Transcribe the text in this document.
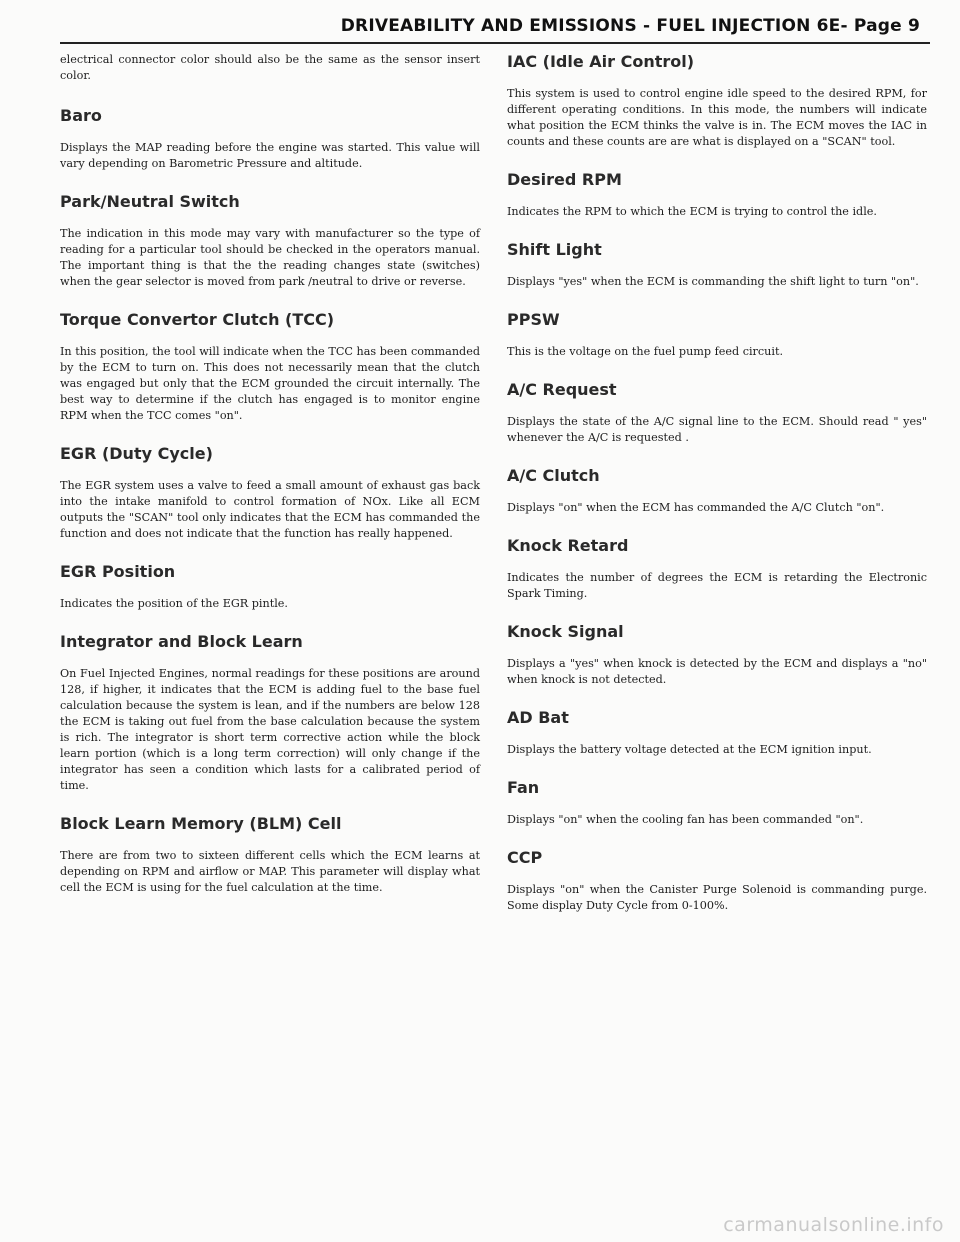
DRIVEABILITY AND EMISSIONS - FUEL INJECTION 6E- Page 9

electrical connector color should also be the same as the sensor insert color.

Baro

Displays the MAP reading before the engine was started. This value will vary depending on Barometric Pressure and altitude.

Park/Neutral Switch

The indication in this mode may vary with manufacturer so the type of reading for a particular tool should be checked in the operators manual. The important thing is that the the reading changes state (switches) when the gear selector is moved from park /neutral to drive or reverse.

Torque Convertor Clutch (TCC)

In this position, the tool will indicate when the TCC has been commanded by the ECM to turn on. This does not necessarily mean that the clutch was engaged but only that the ECM grounded the circuit internally. The best way to determine if the clutch has engaged is to monitor engine RPM when the TCC comes "on".

EGR (Duty Cycle)

The EGR system uses a valve to feed a small amount of exhaust gas back into the intake manifold to control formation of NOx. Like all ECM outputs the "SCAN" tool only indicates that the ECM has commanded the function and does not indicate that the function has really happened.

EGR Position

Indicates the position of the EGR pintle.

Integrator and Block Learn

On Fuel Injected Engines, normal readings for these positions are around 128, if higher, it indicates that the ECM is adding fuel to the base fuel calculation because the system is lean, and if the numbers are below 128 the ECM is taking out fuel from the base calculation because the system is rich. The integrator is short term corrective action while the block learn portion (which is a long term correction) will only change if the integrator has seen a condition which lasts for a calibrated period of time.

Block Learn Memory (BLM) Cell

There are from two to sixteen different cells which the ECM learns at depending on RPM and airflow or MAP. This parameter will display what cell the ECM is using for the fuel calculation at the time.

IAC (Idle Air Control)

This system is used to control engine idle speed to the desired RPM, for different operating conditions. In this mode, the numbers will indicate what position the ECM thinks the valve is in. The ECM moves the IAC in counts and these counts are are what is displayed on a "SCAN" tool.

Desired RPM

Indicates the RPM to which the ECM is trying to control the idle.

Shift Light

Displays "yes" when the ECM is commanding the shift light to turn "on".

PPSW

This is the voltage on the fuel pump feed circuit.

A/C Request

Displays the state of the A/C signal line to the ECM. Should read " yes" whenever the A/C is requested .

A/C Clutch

Displays "on" when the ECM has commanded the A/C Clutch "on".

Knock Retard

Indicates the number of degrees the ECM is retarding the Electronic Spark Timing.

Knock Signal

Displays a "yes" when knock is detected by the ECM and displays a "no" when knock is not detected.

AD Bat

Displays the battery voltage detected at the ECM ignition input.

Fan

Displays "on" when the cooling fan has been commanded "on".

CCP

Displays "on" when the Canister Purge Solenoid is commanding purge. Some display Duty Cycle from 0-100%.

carmanualsonline.info
